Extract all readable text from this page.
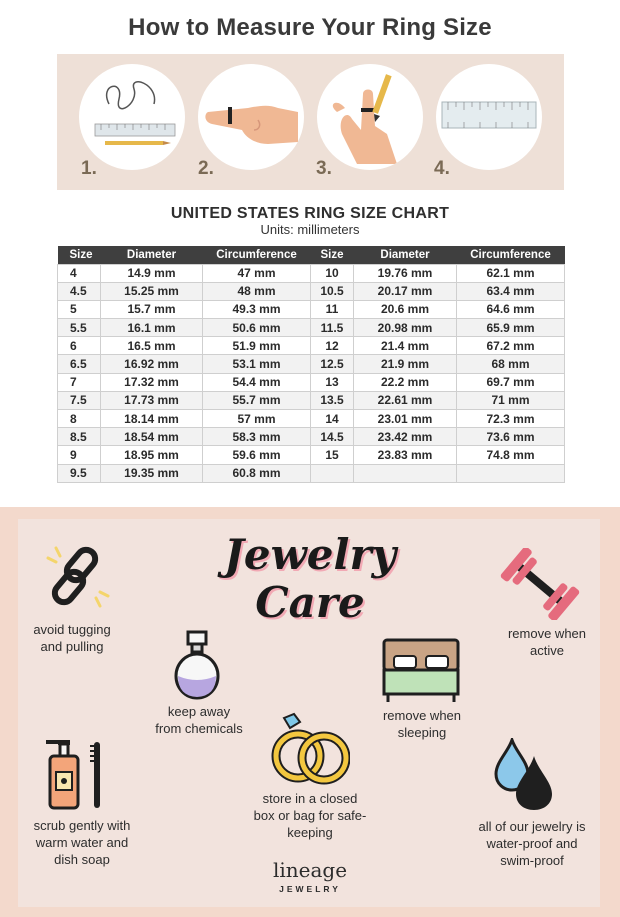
How to Measure Your Ring Size
1.	2.	3.	4.
UNITED STATES RING SIZE CHART
Units: millimeters
Size	Diameter	Circumference	Size	Diameter	Circumference
4	14.9 mm	47 mm	10	19.76 mm	62.1 mm
4.5	15.25 mm	48 mm	10.5	20.17 mm	63.4 mm
5	15.7 mm	49.3 mm	11	20.6 mm	64.6 mm
5.5	16.1 mm	50.6 mm	11.5	20.98 mm	65.9 mm
6	16.5 mm	51.9 mm	12	21.4 mm	67.2 mm
6.5	16.92 mm	53.1 mm	12.5	21.9 mm	68 mm
7	17.32 mm	54.4 mm	13	22.2 mm	69.7 mm
7.5	17.73 mm	55.7 mm	13.5	22.61 mm	71 mm
8	18.14 mm	57 mm	14	23.01 mm	72.3 mm
8.5	18.54 mm	58.3 mm	14.5	23.42 mm	73.6 mm
9	18.95 mm	59.6 mm	15	23.83 mm	74.8 mm
9.5	19.35 mm	60.8 mm			
Jewelry
Care
avoid tugging
and pulling
remove when
active
keep away
from chemicals
remove when
sleeping
store in a closed
box or bag for safe-
keeping
scrub gently with
warm water and
dish soap
all of our jewelry is
water-proof and
swim-proof
lineage
JEWELRY
